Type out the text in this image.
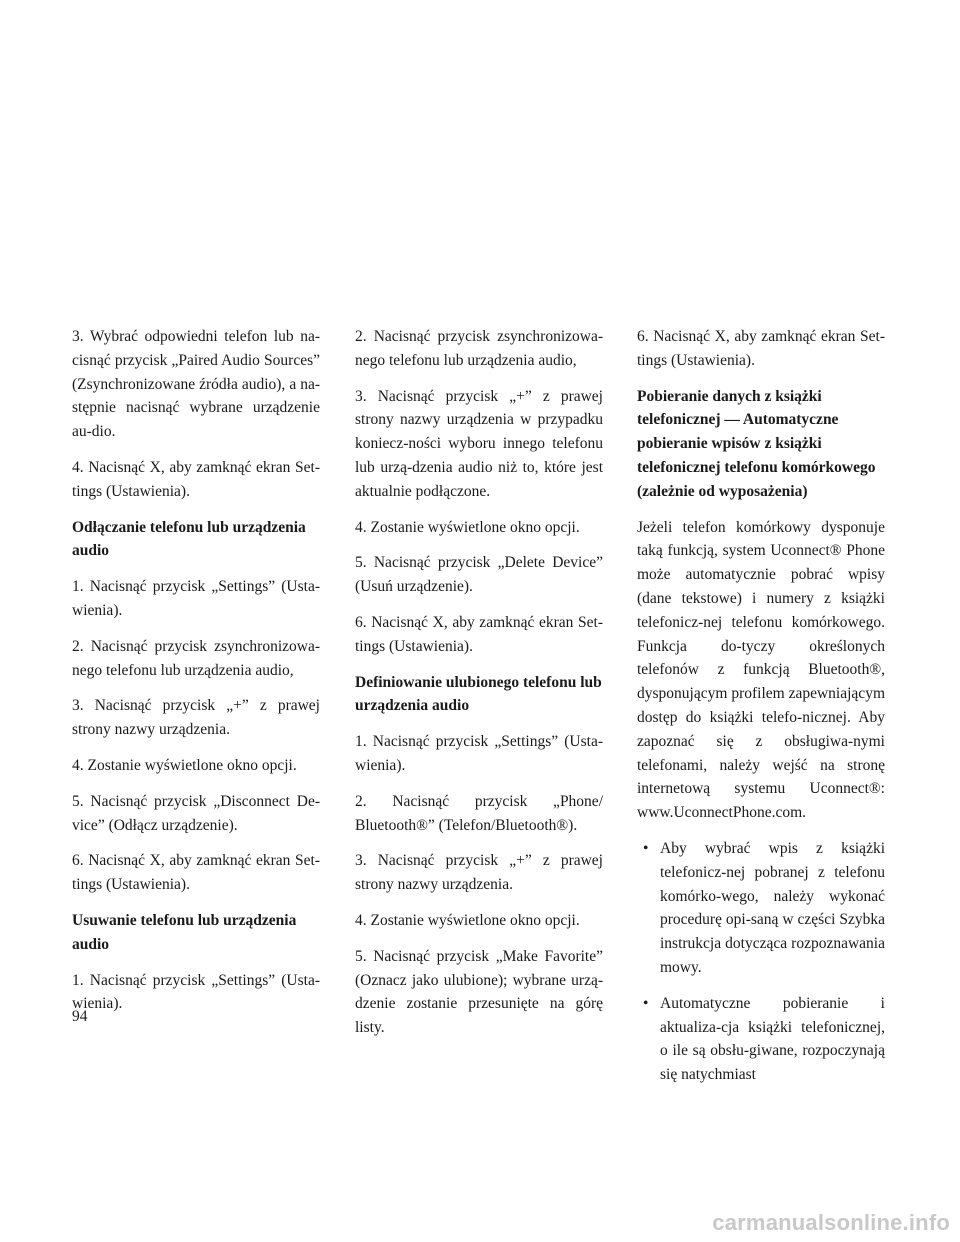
3. Wybrać odpowiedni telefon lub na-cisnąć przycisk „Paired Audio Sources” (Zsynchronizowane źródła audio), a na-stępnie nacisnąć wybrane urządzenie au-dio.

4. Nacisnąć X, aby zamknąć ekran Set-tings (Ustawienia).

Odłączanie telefonu lub urządzenia audio

1. Nacisnąć przycisk „Settings” (Usta-wienia).

2. Nacisnąć przycisk zsynchronizowa-nego telefonu lub urządzenia audio,

3. Nacisnąć przycisk „+” z prawej strony nazwy urządzenia.

4. Zostanie wyświetlone okno opcji.

5. Nacisnąć przycisk „Disconnect De-vice” (Odłącz urządzenie).

6. Nacisnąć X, aby zamknąć ekran Set-tings (Ustawienia).

Usuwanie telefonu lub urządzenia audio

1. Nacisnąć przycisk „Settings” (Usta-wienia).

2. Nacisnąć przycisk zsynchronizowa-nego telefonu lub urządzenia audio,

3. Nacisnąć przycisk „+” z prawej strony nazwy urządzenia w przypadku koniecz-ności wyboru innego telefonu lub urzą-dzenia audio niż to, które jest aktualnie podłączone.

4. Zostanie wyświetlone okno opcji.

5. Nacisnąć przycisk „Delete Device” (Usuń urządzenie).

6. Nacisnąć X, aby zamknąć ekran Set-tings (Ustawienia).

Definiowanie ulubionego telefonu lub urządzenia audio

1. Nacisnąć przycisk „Settings” (Usta-wienia).

2. Nacisnąć przycisk „Phone/ Bluetooth®” (Telefon/Bluetooth®).

3. Nacisnąć przycisk „+” z prawej strony nazwy urządzenia.

4. Zostanie wyświetlone okno opcji.

5. Nacisnąć przycisk „Make Favorite” (Oznacz jako ulubione); wybrane urzą-dzenie zostanie przesunięte na górę listy.

6. Nacisnąć X, aby zamknąć ekran Set-tings (Ustawienia).

Pobieranie danych z książki telefonicznej — Automatyczne pobieranie wpisów z książki telefonicznej telefonu komórkowego (zależnie od wyposażenia)

Jeżeli telefon komórkowy dysponuje taką funkcją, system Uconnect® Phone może automatycznie pobrać wpisy (dane tekstowe) i numery z książki telefonicz-nej telefonu komórkowego. Funkcja do-tyczy określonych telefonów z funkcją Bluetooth®, dysponującym profilem zapewniającym dostęp do książki telefo-nicznej. Aby zapoznać się z obsługiwa-nymi telefonami, należy wejść na stronę internetową systemu Uconnect®: www.UconnectPhone.com.

• Aby wybrać wpis z książki telefonicz-nej pobranej z telefonu komórko-wego, należy wykonać procedurę opi-saną w części Szybka instrukcja dotycząca rozpoznawania mowy.
• Automatyczne pobieranie i aktualiza-cja książki telefonicznej, o ile są obsłu-giwane, rozpoczynają się natychmiast
94
carmanualsonline.info
